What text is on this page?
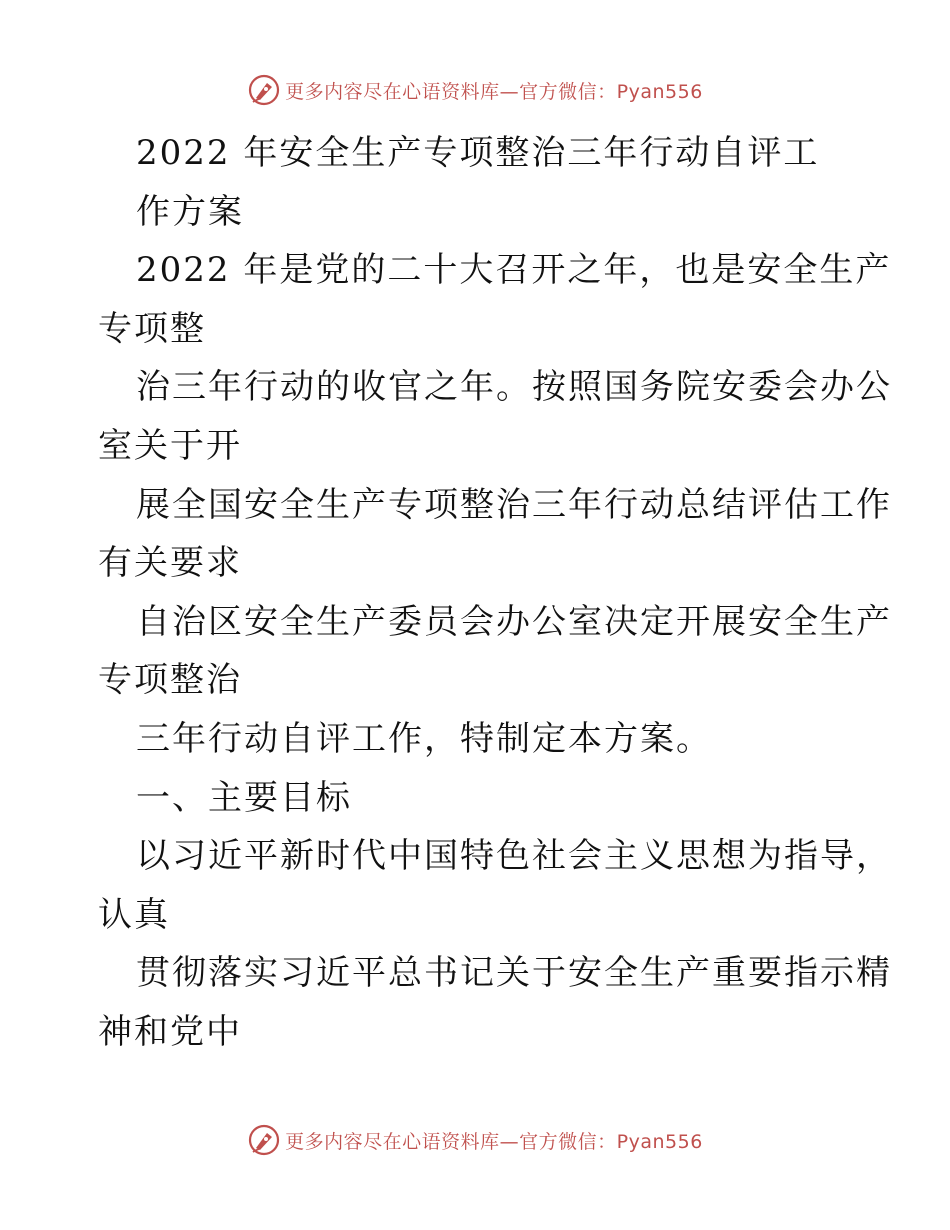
更多内容尽在心语资料库— 官方微信：Pyan556
2022 年安全生产专项整治三年行动自评工
作方案
2022 年是党的二十大召开之年，也是安全生产
专项整
治三年行动的收官之年。按照国务院安委会办公
室关于开
展全国安全生产专项整治三年行动总结评估工作
有关要求
自治区安全生产委员会办公室决定开展安全生产
专项整治
三年行动自评工作，特制定本方案。
一、主要目标
以习近平新时代中国特色社会主义思想为指导，
认真
贯彻落实习近平总书记关于安全生产重要指示精
神和党中
更多内容尽在心语资料库— 官方微信：Pyan556
